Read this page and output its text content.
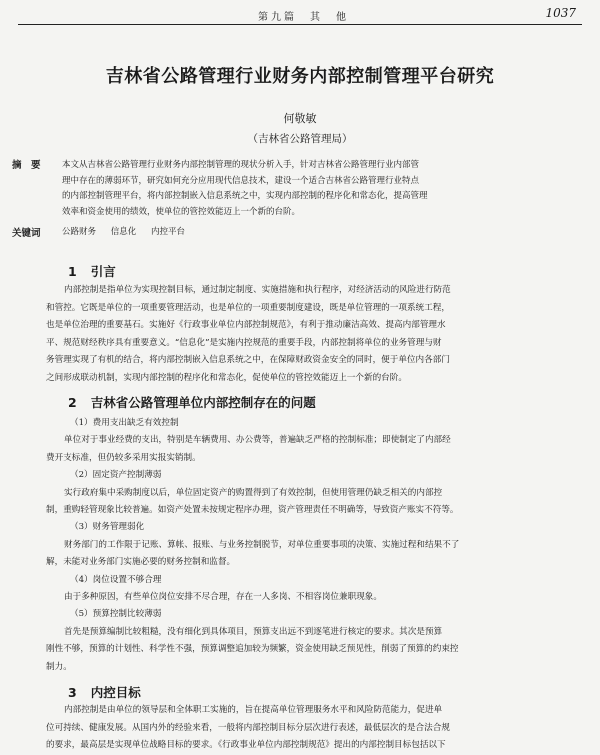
第九篇　其　他	1037
吉林省公路管理行业财务内部控制管理平台研究
何敬敏
（吉林省公路管理局）
摘　要	本文从吉林省公路管理行业财务内部控制管理的现状分析入手，针对吉林省公路管理行业内部管
理中存在的薄弱环节，研究如何充分应用现代信息技术，建设一个适合吉林省公路管理行业特点
的内部控制管理平台，将内部控制嵌入信息系统之中，实现内部控制的程序化和常态化，提高管理
效率和资金使用的绩效，使单位的管控效能迈上一个新的台阶。
关键词	公路财务 信息化 内控平台
1 引言
内部控制是指单位为实现控制目标，通过制定制度、实施措施和执行程序，对经济活动的风险进行防范
和管控。它既是单位的一项重要管理活动，也是单位的一项重要制度建设，既是单位管理的一项系统工程，
也是单位治理的重要基石。实施好《行政事业单位内部控制规范》，有利于推动廉洁高效、提高内部管理水
平、规范财经秩序具有重要意义。“信息化”是实施内控规范的重要手段，内部控制将单位的业务管理与财
务管理实现了有机的结合，将内部控制嵌入信息系统之中，在保障财政资金安全的同时，便于单位内各部门
之间形成联动机制，实现内部控制的程序化和常态化，促使单位的管控效能迈上一个新的台阶。
2 吉林省公路管理单位内部控制存在的问题
（1）费用支出缺乏有效控制
单位对于事业经费的支出，特别是车辆费用、办公费等，普遍缺乏严格的控制标准；即使制定了内部经
费开支标准，但仍较多采用实报实销制。
（2）固定资产控制薄弱
实行政府集中采购制度以后，单位固定资产的购置得到了有效控制，但使用管理仍缺乏相关的内部控
制，重购轻管现象比较普遍。如资产处置未按规定程序办理，资产管理责任不明确等，导致资产账实不符等。
（3）财务管理弱化
财务部门的工作限于记账、算帐、报账、与业务控制脱节，对单位重要事项的决策、实施过程和结果不了
解，未能对业务部门实施必要的财务控制和监督。
（4）岗位设置不够合理
由于多种原因，有些单位岗位安排不尽合理，存在一人多岗、不相容岗位兼职现象。
（5）预算控制比较薄弱
首先是预算编制比较粗糙，没有细化到具体项目，预算支出远不到逐笔进行核定的要求。其次是预算
刚性不够，预算的计划性、科学性不强，预算调整追加较为频繁，资金使用缺乏预见性，削弱了预算的约束控
制力。
3 内控目标
内部控制是由单位的领导层和全体职工实施的，旨在提高单位管理服务水平和风险防范能力，促进单
位可持续、健康发展。从国内外的经验来看，一般将内部控制目标分层次进行表述，最低层次的是合法合规
的要求，最高层是实现单位战略目标的要求。《行政事业单位内部控制规范》提出的内部控制目标包括以下
